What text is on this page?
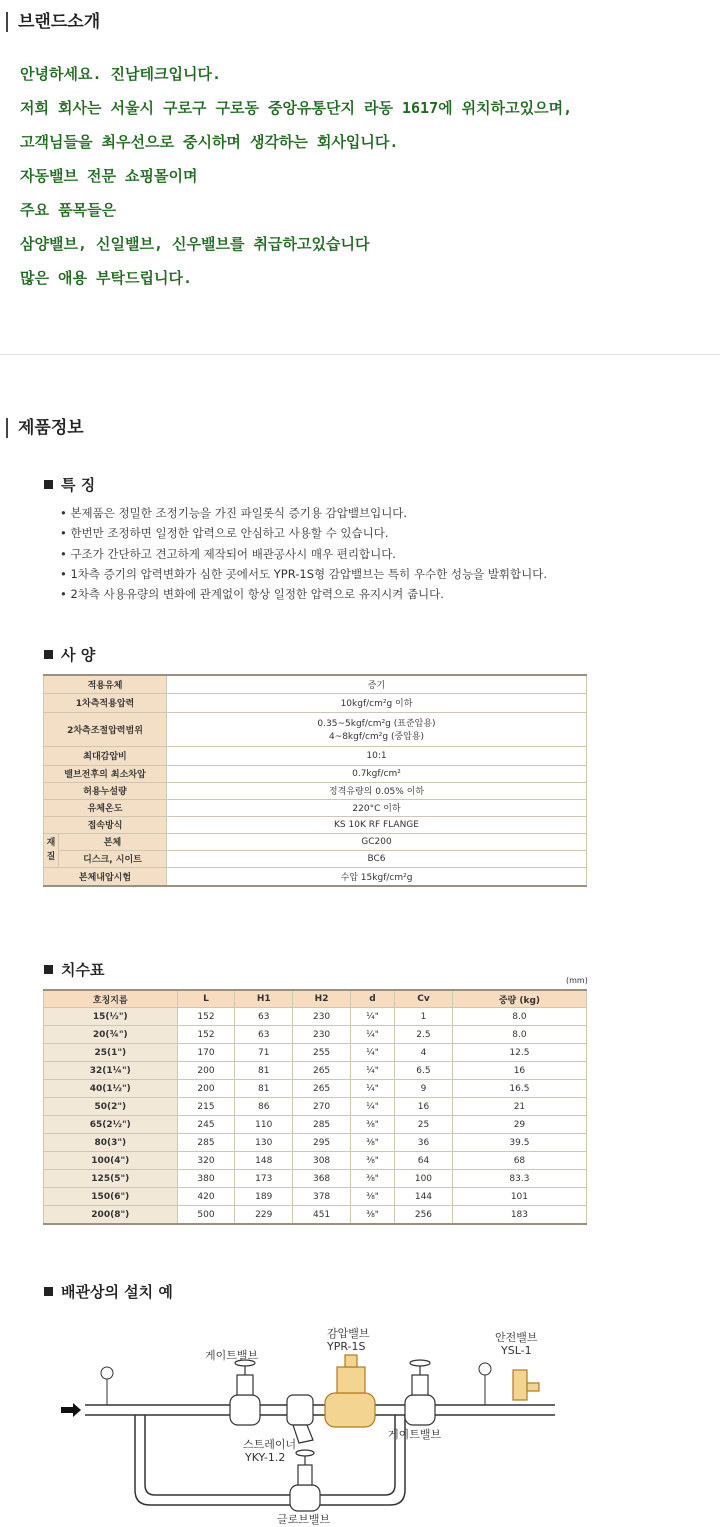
브랜드소개
안녕하세요. 진남테크입니다.
저희 회사는 서울시 구로구 구로동 중앙유통단지 라동 1617에 위치하고있으며,
고객님들을 최우선으로 중시하며 생각하는 회사입니다.
자동밸브 전문 쇼핑몰이며
주요 품목들은
삼양밸브, 신일밸브, 신우밸브를 취급하고있습니다
많은 애용 부탁드립니다.
제품정보
특 징
• 본제품은 정밀한 조정기능을 가진 파일롯식 증기용 감압밸브입니다.
• 한번만 조정하면 일정한 압력으로 안심하고 사용할 수 있습니다.
• 구조가 간단하고 견고하게 제작되어 배관공사시 매우 편리합니다.
• 1차측 증기의 압력변화가 심한 곳에서도 YPR-1S형 감압밸브는 특히 우수한 성능을 발휘합니다.
• 2차측 사용유량의 변화에 관계없이 항상 일정한 압력으로 유지시켜 줍니다.
사 양
적용유체		증기
1차측적용압력		10kgf/cm²g 이하
2차측조절압력범위		0.35~5kgf/cm²g (표준압용)
4~8kgf/cm²g (중압용)

최대감압비		10:1
밸브전후의 최소차압		0.7kgf/cm²
허용누설량		정격유량의 0.05% 이하
유체온도		220°C 이하
접속방식		KS 10K RF FLANGE
재질	본체	GC200
	디스크, 시이트	BC6
본체내압시험		수압 15kgf/cm²g
치수표
(mm)
호칭지름	L	H1	H2	d	Cv	중량 (kg)
15(½")	152	63	230	¼"	1	8.0
20(¾")	152	63	230	¼"	2.5	8.0
25(1")	170	71	255	¼"	4	12.5
32(1¼")	200	81	265	¼"	6.5	16
40(1½")	200	81	265	¼"	9	16.5
50(2")	215	86	270	¼"	16	21
65(2½")	245	110	285	⅜"	25	29
80(3")	285	130	295	⅜"	36	39.5
100(4")	320	148	308	⅜"	64	68
125(5")	380	173	368	⅜"	100	83.3
150(6")	420	189	378	⅜"	144	101
200(8")	500	229	451	⅜"	256	183
배관상의 설치 예
게이트밸브
감압밸브
YPR-1S
안전밸브
YSL-1
스트레이너
YKY-1.2
게이트밸브
글로브밸브
